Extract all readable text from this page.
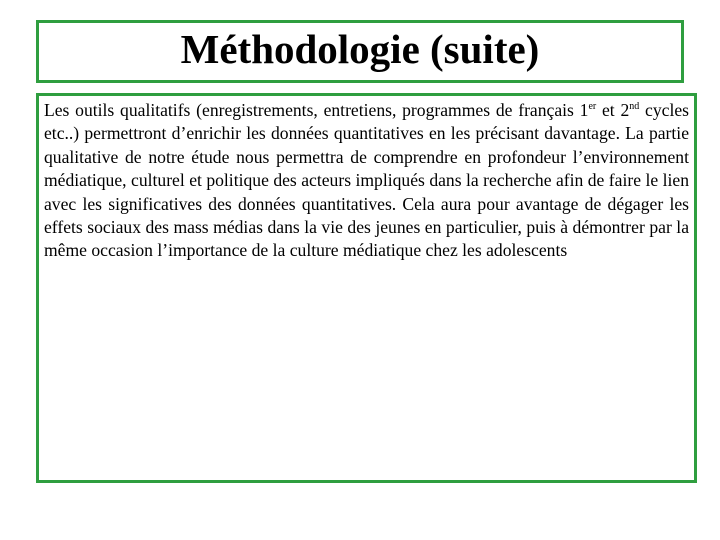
Méthodologie (suite)

Les outils qualitatifs (enregistrements, entretiens, programmes de français 1er et 2nd cycles etc..) permettront d’enrichir les données quantitatives en les précisant davantage. La partie qualitative de notre étude nous permettra de comprendre en profondeur l’environnement médiatique, culturel et politique des acteurs impliqués dans la recherche afin de faire le lien avec les significatives des données quantitatives. Cela aura pour avantage de dégager les effets sociaux des mass médias dans la vie des jeunes en particulier, puis à démontrer par la même occasion l’importance de la culture médiatique chez les adolescents
